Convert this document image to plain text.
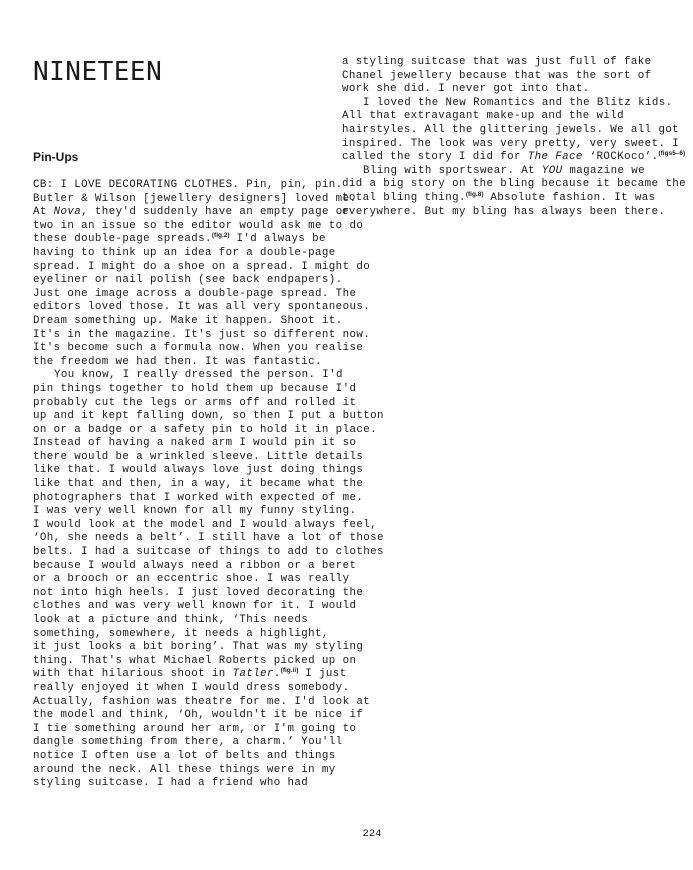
NINETEEN
Pin-Ups
CB: I LOVE DECORATING CLOTHES. Pin, pin, pin.
Butler & Wilson [jewellery designers] loved me.
At Nova, they'd suddenly have an empty page or
two in an issue so the editor would ask me to do
these double-page spreads.$^{(fig.2)}$ I'd always be
having to think up an idea for a double-page
spread. I might do a shoe on a spread. I might do
eyeliner or nail polish (see back endpapers).
Just one image across a double-page spread. The
editors loved those. It was all very spontaneous.
Dream something up. Make it happen. Shoot it.
It's in the magazine. It's just so different now.
It's become such a formula now. When you realise
the freedom we had then. It was fantastic.
You know, I really dressed the person. I'd
pin things together to hold them up because I'd
probably cut the legs or arms off and rolled it
up and it kept falling down, so then I put a button
on or a badge or a safety pin to hold it in place.
Instead of having a naked arm I would pin it so
there would be a wrinkled sleeve. Little details
like that. I would always love just doing things
like that and then, in a way, it became what the
photographers that I worked with expected of me.
I was very well known for all my funny styling.
I would look at the model and I would always feel,
‘Oh, she needs a belt’. I still have a lot of those
belts. I had a suitcase of things to add to clothes
because I would always need a ribbon or a beret
or a brooch or an eccentric shoe. I was really
not into high heels. I just loved decorating the
clothes and was very well known for it. I would
look at a picture and think, ‘This needs
something, somewhere, it needs a highlight,
it just looks a bit boring’. That was my styling
thing. That's what Michael Roberts picked up on
with that hilarious shoot in Tatler.$^{(fig.ii)}$ I just
really enjoyed it when I would dress somebody.
Actually, fashion was theatre for me. I'd look at
the model and think, ‘Oh, wouldn't it be nice if
I tie something around her arm, or I'm going to
dangle something from there, a charm.’ You'll
notice I often use a lot of belts and things
around the neck. All these things were in my
styling suitcase. I had a friend who had
a styling suitcase that was just full of fake
Chanel jewellery because that was the sort of
work she did. I never got into that.
I loved the New Romantics and the Blitz kids.
All that extravagant make-up and the wild
hairstyles. All the glittering jewels. We all got
inspired. The look was very pretty, very sweet. I
called the story I did for The Face ‘ROCKoco’.$^{(figs5-6)}$
Bling with sportswear. At YOU magazine we
did a big story on the bling because it became the
total bling thing.$^{(fig.8)}$ Absolute fashion. It was
everywhere. But my bling has always been there.
224
